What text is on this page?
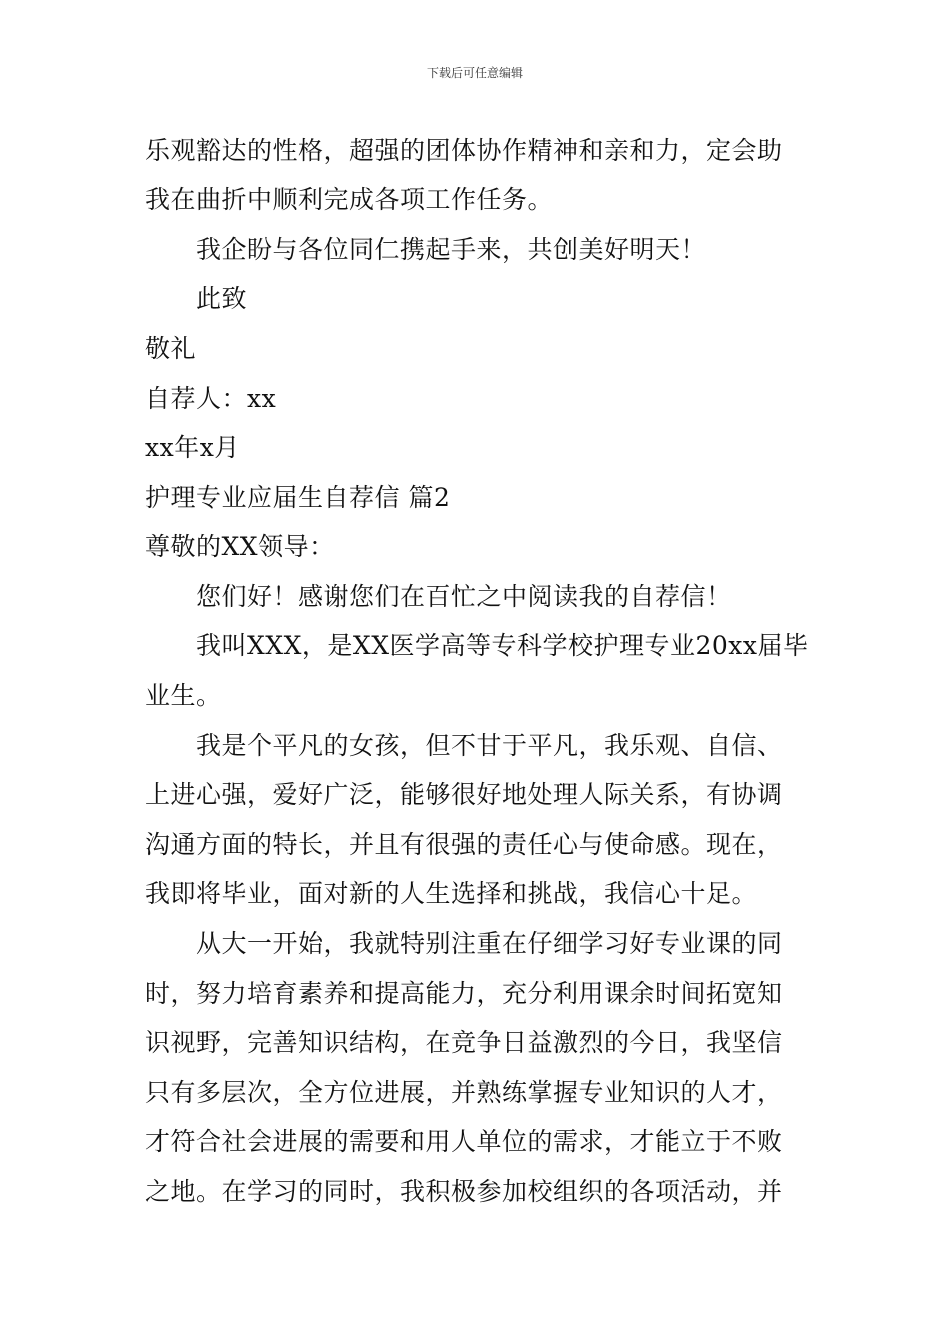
下载后可任意编辑
乐观豁达的性格，超强的团体协作精神和亲和力，定会助
我在曲折中顺利完成各项工作任务。
我企盼与各位同仁携起手来，共创美好明天！
此致
敬礼
自荐人：xx
xx年x月
护理专业应届生自荐信 篇2
尊敬的XX领导：
您们好！感谢您们在百忙之中阅读我的自荐信！
我叫XXX，是XX医学高等专科学校护理专业20xx届毕
业生。
我是个平凡的女孩，但不甘于平凡，我乐观、自信、
上进心强，爱好广泛，能够很好地处理人际关系，有协调
沟通方面的特长，并且有很强的责任心与使命感。现在，
我即将毕业，面对新的人生选择和挑战，我信心十足。
从大一开始，我就特别注重在仔细学习好专业课的同
时，努力培育素养和提高能力，充分利用课余时间拓宽知
识视野，完善知识结构，在竞争日益激烈的今日，我坚信
只有多层次，全方位进展，并熟练掌握专业知识的人才，
才符合社会进展的需要和用人单位的需求，才能立于不败
之地。在学习的同时，我积极参加校组织的各项活动，并
